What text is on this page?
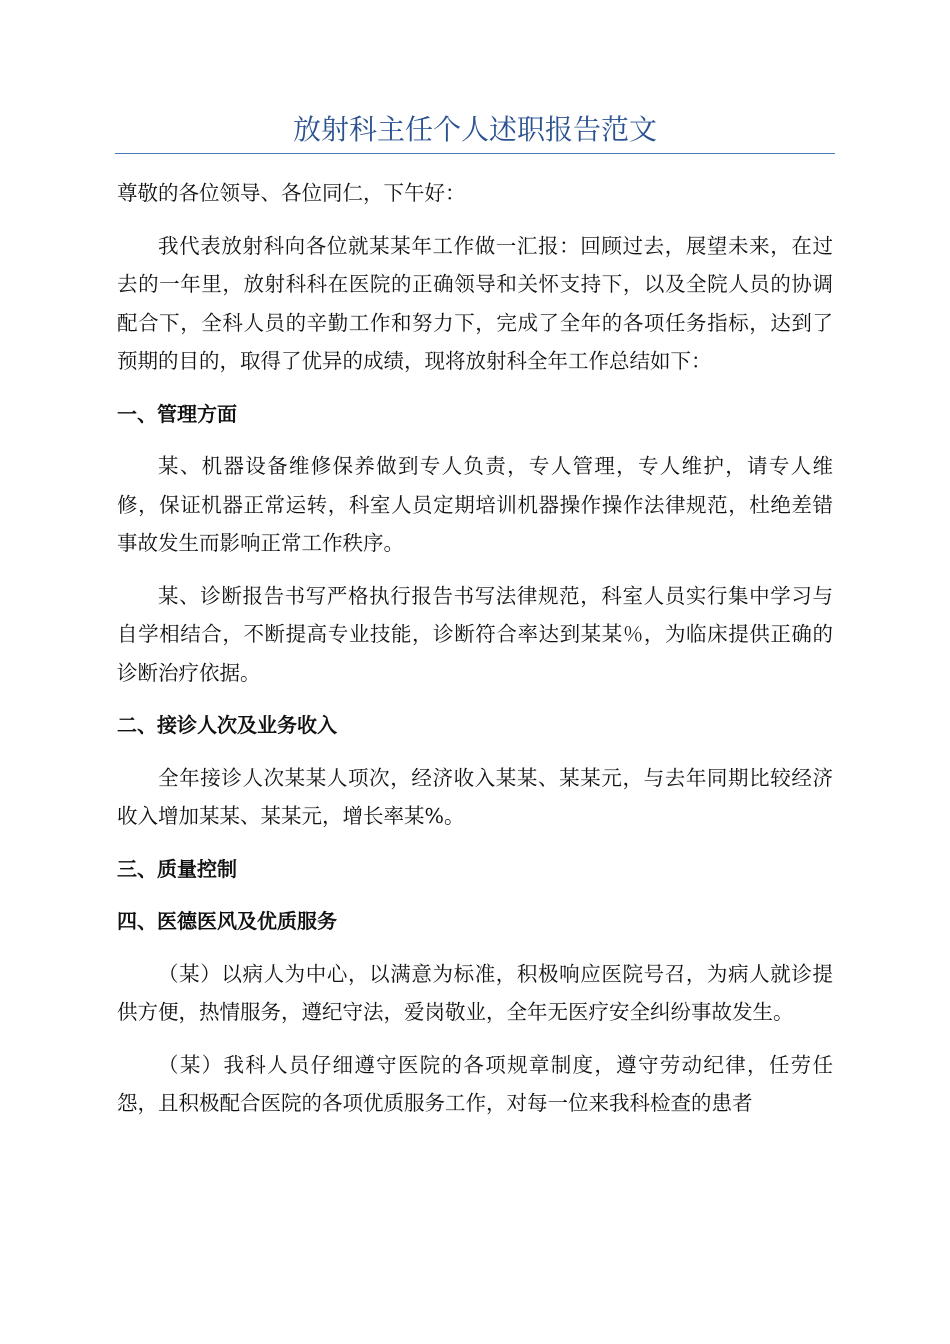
放射科主任个人述职报告范文

尊敬的各位领导、各位同仁，下午好：

我代表放射科向各位就某某年工作做一汇报：回顾过去，展望未来，在过去的一年里，放射科科在医院的正确领导和关怀支持下，以及全院人员的协调配合下，全科人员的辛勤工作和努力下，完成了全年的各项任务指标，达到了预期的目的，取得了优异的成绩，现将放射科全年工作总结如下：

一、管理方面

某、机器设备维修保养做到专人负责，专人管理，专人维护，请专人维修，保证机器正常运转，科室人员定期培训机器操作操作法律规范，杜绝差错事故发生而影响正常工作秩序。

某、诊断报告书写严格执行报告书写法律规范，科室人员实行集中学习与自学相结合，不断提高专业技能，诊断符合率达到某某％，为临床提供正确的诊断治疗依据。

二、接诊人次及业务收入

全年接诊人次某某人项次，经济收入某某、某某元，与去年同期比较经济收入增加某某、某某元，增长率某%。

三、质量控制

四、医德医风及优质服务

（某）以病人为中心，以满意为标准，积极响应医院号召，为病人就诊提供方便，热情服务，遵纪守法，爱岗敬业，全年无医疗安全纠纷事故发生。

（某）我科人员仔细遵守医院的各项规章制度，遵守劳动纪律，任劳任怨，且积极配合医院的各项优质服务工作，对每一位来我科检查的患者
